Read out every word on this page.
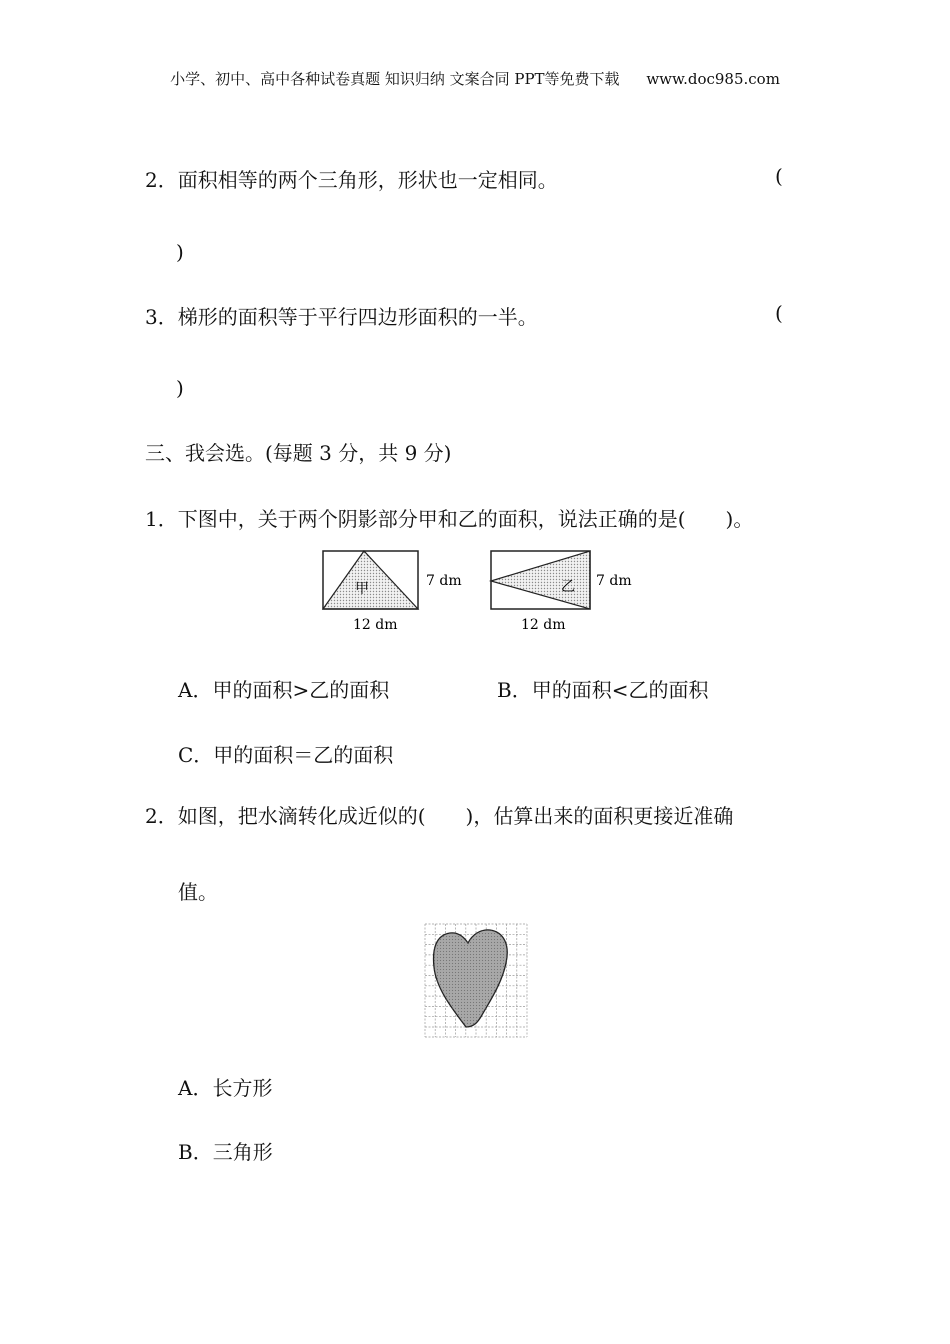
小学、初中、高中各种试卷真题 知识归纳 文案合同 PPT等免费下载 www.doc985.com
2．面积相等的两个三角形，形状也一定相同。	(
)
3．梯形的面积等于平行四边形面积的一半。	(
)
三、我会选。(每题 3 分，共 9 分)
1．下图中，关于两个阴影部分甲和乙的面积，说法正确的是(　　)。
甲	7 dm
12 dm
乙 7 dm
12 dm
A．甲的面积>乙的面积	B．甲的面积<乙的面积
C．甲的面积＝乙的面积
2．如图，把水滴转化成近似的(　　)，估算出来的面积更接近准确
值。
A．长方形
B．三角形
